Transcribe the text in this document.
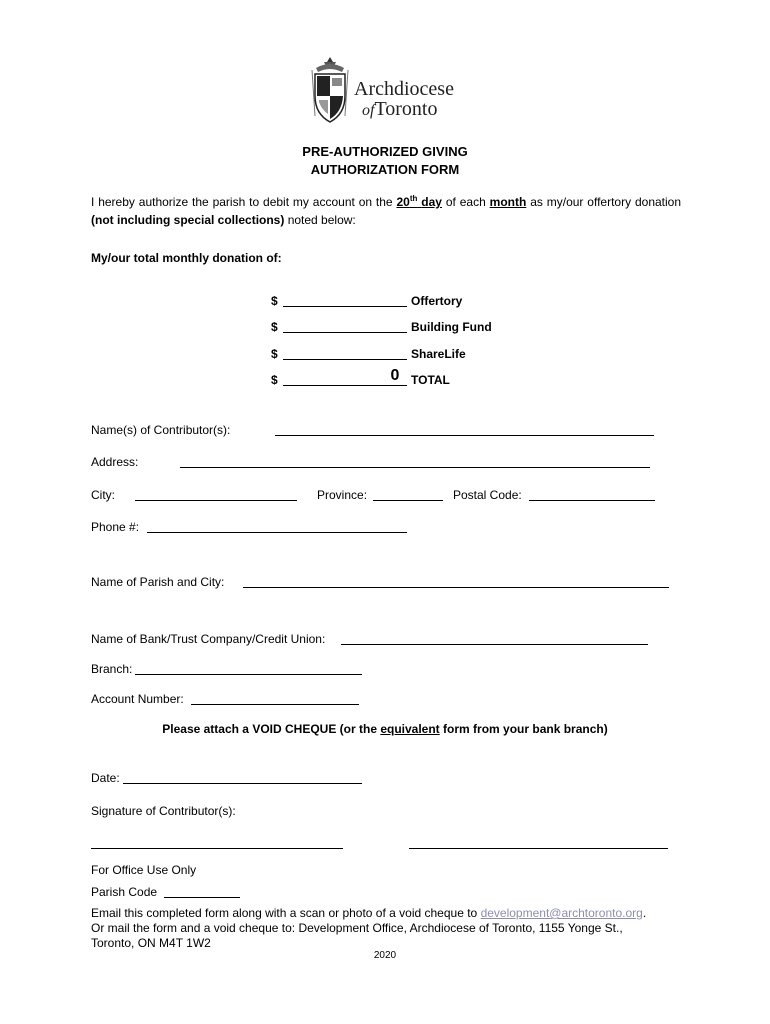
Archdiocese
ofToronto
PRE-AUTHORIZED GIVING
AUTHORIZATION FORM
I hereby authorize the parish to debit my account on the 20th day of each month as my/our offertory donation (not including special collections) noted below:
My/our total monthly donation of:
$	Offertory
$	Building Fund
$	ShareLife
$	0 TOTAL
Name(s) of Contributor(s):
Address:
City:	Province:	Postal Code:
Phone #:
Name of Parish and City:
Name of Bank/Trust Company/Credit Union:
Branch:
Account Number:
Please attach a VOID CHEQUE (or the equivalent form from your bank branch)
Date:
Signature of Contributor(s):
For Office Use Only
Parish Code
Email this completed form along with a scan or photo of a void cheque to development@archtoronto.org.
Or mail the form and a void cheque to: Development Office, Archdiocese of Toronto, 1155 Yonge St.,
Toronto, ON M4T 1W2
2020
